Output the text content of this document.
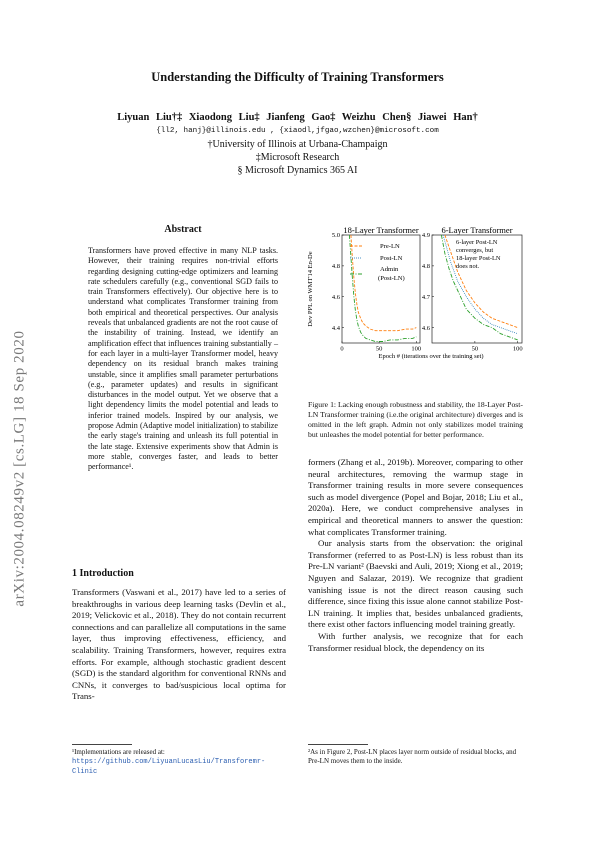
Understanding the Difficulty of Training Transformers
Liyuan Liu†‡ Xiaodong Liu‡ Jianfeng Gao‡ Weizhu Chen§ Jiawei Han†
{ll2, hanj}@illinois.edu , {xiaodl,jfgao,wzchen}@microsoft.com
†University of Illinois at Urbana-Champaign
‡Microsoft Research
§ Microsoft Dynamics 365 AI
arXiv:2004.08249v2 [cs.LG] 18 Sep 2020
Abstract
Transformers have proved effective in many NLP tasks. However, their training requires non-trivial efforts regarding designing cutting-edge optimizers and learning rate schedulers carefully (e.g., conventional SGD fails to train Transformers effectively). Our objective here is to understand what complicates Transformer training from both empirical and theoretical perspectives. Our analysis reveals that unbalanced gradients are not the root cause of the instability of training. Instead, we identify an amplification effect that influences training substantially – for each layer in a multi-layer Transformer model, heavy dependency on its residual branch makes training unstable, since it amplifies small parameter perturbations (e.g., parameter updates) and results in significant disturbances in the model output. Yet we observe that a light dependency limits the model potential and leads to inferior trained models. Inspired by our analysis, we propose Admin (Adaptive model initialization) to stabilize the early stage's training and unleash its full potential in the late stage. Extensive experiments show that Admin is more stable, converges faster, and leads to better performance¹.
1 Introduction
Transformers (Vaswani et al., 2017) have led to a series of breakthroughs in various deep learning tasks (Devlin et al., 2019; Velickovic et al., 2018). They do not contain recurrent connections and can parallelize all computations in the same layer, thus improving effectiveness, efficiency, and scalability. Training Transformers, however, requires extra efforts. For example, although stochastic gradient descent (SGD) is the standard algorithm for conventional RNNs and CNNs, it converges to bad/suspicious local optima for Trans-

formers (Zhang et al., 2019b). Moreover, comparing to other neural architectures, removing the warmup stage in Transformer training results in more severe consequences such as model divergence (Popel and Bojar, 2018; Liu et al., 2020a). Here, we conduct comprehensive analyses in empirical and theoretical manners to answer the question: what complicates Transformer training.

Our analysis starts from the observation: the original Transformer (referred to as Post-LN) is less robust than its Pre-LN variant² (Baevski and Auli, 2019; Xiong et al., 2019; Nguyen and Salazar, 2019). We recognize that gradient vanishing issue is not the direct reason causing such difference, since fixing this issue alone cannot stabilize Post-LN training. It implies that, besides unbalanced gradients, there exist other factors influencing model training greatly.

With further analysis, we recognize that for each Transformer residual block, the dependency on its

18-Layer Transformer	6-Layer Transformer
Dev PPL on WMT'14 En-De
Epoch # (iterations over the training set)
4.4
4.6
4.8
5.0
0	50	100
4.6
4.7
4.8
4.9
50	100
Pre-LN
Post-LN
Admin
(Post-LN)
6-layer Post-LN
converges, but
18-layer Post-LN
does not.
Figure 1: Lacking enough robustness and stability, the 18-Layer Post-LN Transformer training (i.e.the original architecture) diverges and is omitted in the left graph. Admin not only stabilizes model training but unleashes the model potential for better performance.
¹Implementations are released at: https://github.com/LiyuanLucasLiu/Transforemr-Clinic
²As in Figure 2, Post-LN places layer norm outside of residual blocks, and Pre-LN moves them to the inside.
